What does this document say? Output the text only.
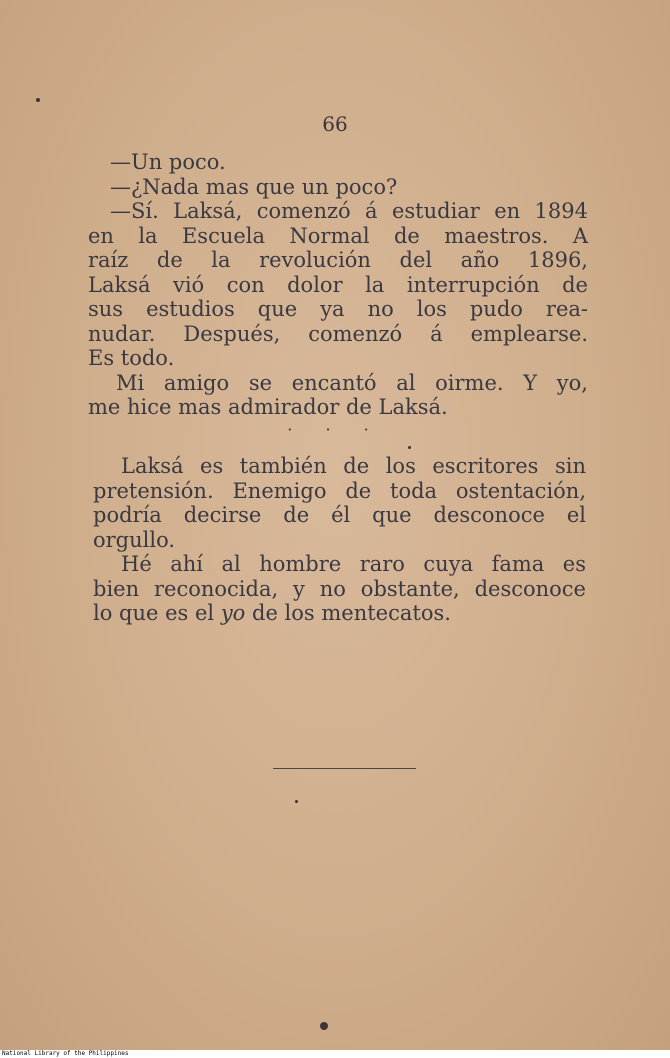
66
—Un poco.
—¿Nada mas que un poco?
—Sí. Laksá, comenzó á estudiar en 1894
en la Escuela Normal de maestros. A
raíz de la revolución del año 1896,
Laksá vió con dolor la interrupción de
sus estudios que ya no los pudo rea-
nudar. Después, comenzó á emplearse.
Es todo.
Mi amigo se encantó al oirme. Y yo,
me hice mas admirador de Laksá.
· · ·
Laksá es también de los escritores sin
pretensión. Enemigo de toda ostentación,
podría decirse de él que desconoce el
orgullo.
Hé ahí al hombre raro cuya fama es
bien reconocida, y no obstante, desconoce
lo que es el yo de los mentecatos.
National Library of the Philippines
